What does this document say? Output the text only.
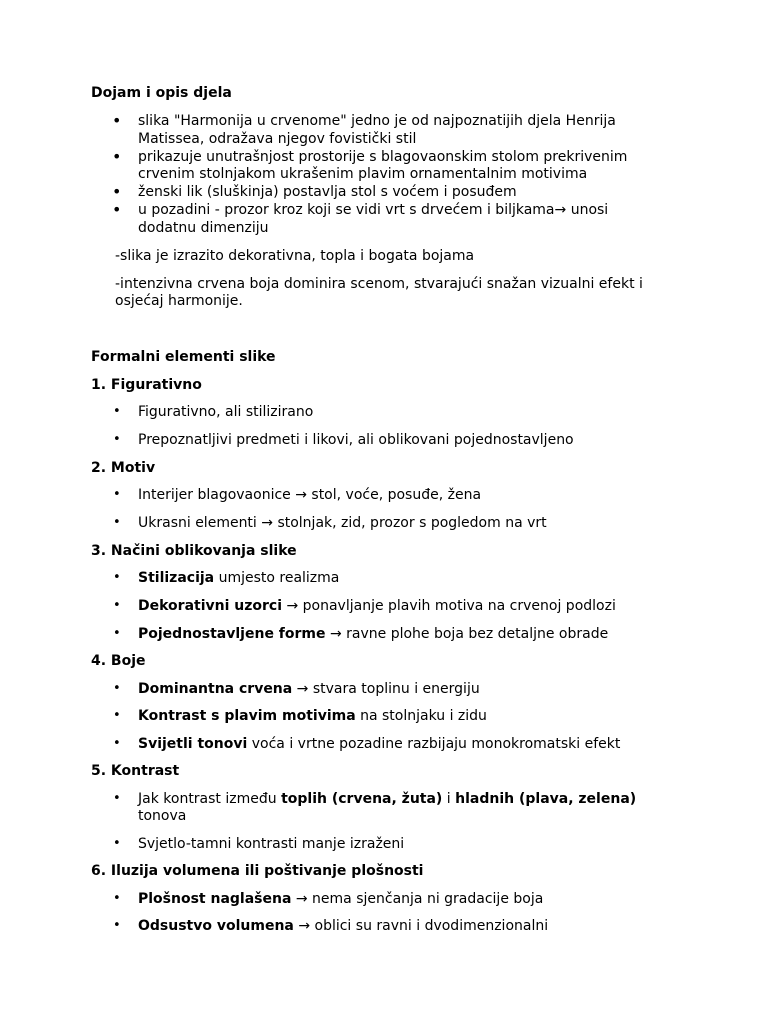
Dojam i opis djela
• slika "Harmonija u crvenome" jedno je od najpoznatijih djela Henrija
Matissea, odražava njegov fovistički stil
• prikazuje unutrašnjost prostorije s blagovaonskim stolom prekrivenim
crvenim stolnjakom ukrašenim plavim ornamentalnim motivima
• ženski lik (sluškinja) postavlja stol s voćem i posuđem
• u pozadini - prozor kroz koji se vidi vrt s drvećem i biljkama→ unosi
dodatnu dimenziju
-slika je izrazito dekorativna, topla i bogata bojama
-intenzivna crvena boja dominira scenom, stvarajući snažan vizualni efekt i
osjećaj harmonije.
Formalni elementi slike
1. Figurativno
• Figurativno, ali stilizirano
• Prepoznatljivi predmeti i likovi, ali oblikovani pojednostavljeno
2. Motiv
• Interijer blagovaonice → stol, voće, posuđe, žena
• Ukrasni elementi → stolnjak, zid, prozor s pogledom na vrt
3. Načini oblikovanja slike
• Stilizacija umjesto realizma
• Dekorativni uzorci → ponavljanje plavih motiva na crvenoj podlozi
• Pojednostavljene forme → ravne plohe boja bez detaljne obrade
4. Boje
• Dominantna crvena → stvara toplinu i energiju
• Kontrast s plavim motivima na stolnjaku i zidu
• Svijetli tonovi voća i vrtne pozadine razbijaju monokromatski efekt
5. Kontrast
• Jak kontrast između toplih (crvena, žuta) i hladnih (plava, zelena)
tonova
• Svjetlo-tamni kontrasti manje izraženi
6. Iluzija volumena ili poštivanje plošnosti
• Plošnost naglašena → nema sjenčanja ni gradacije boja
• Odsustvo volumena → oblici su ravni i dvodimenzionalni
